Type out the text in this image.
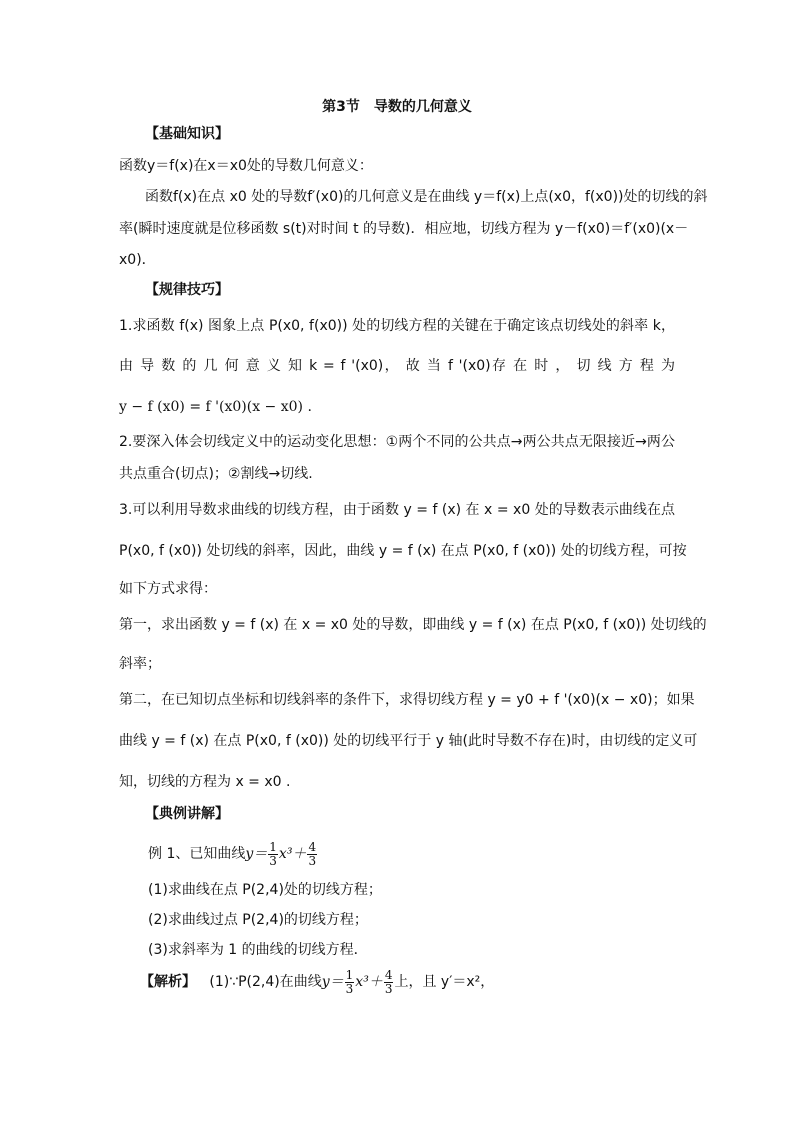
第3节　导数的几何意义
【基础知识】
函数y＝f(x)在x＝x0处的导数几何意义：
函数f(x)在点 x0 处的导数f′(x0)的几何意义是在曲线 y＝f(x)上点(x0，f(x0))处的切线的斜
率(瞬时速度就是位移函数 s(t)对时间 t 的导数)．相应地，切线方程为 y－f(x0)＝f′(x0)(x－
x0)．
【规律技巧】
1.求函数 f(x) 图象上点 P(x0, f(x0)) 处的切线方程的关键在于确定该点切线处的斜率 k，
由 导 数 的 几 何 意 义 知 k = f '(x0)， 故 当 f '(x0)存 在 时 ， 切 线 方 程 为
y − f (x0) = f '(x0)(x − x0) .
2.要深入体会切线定义中的运动变化思想：①两个不同的公共点→两公共点无限接近→两公
共点重合(切点)；②割线→切线.
3.可以利用导数求曲线的切线方程，由于函数 y = f (x) 在 x = x0 处的导数表示曲线在点
P(x0, f (x0)) 处切线的斜率，因此，曲线 y = f (x) 在点 P(x0, f (x0)) 处的切线方程，可按
如下方式求得：
第一，求出函数 y = f (x) 在 x = x0 处的导数，即曲线 y = f (x) 在点 P(x0, f (x0)) 处切线的
斜率；
第二，在已知切点坐标和切线斜率的条件下，求得切线方程 y = y0 + f '(x0)(x − x0)；如果
曲线 y = f (x) 在点 P(x0, f (x0)) 处的切线平行于 y 轴(此时导数不存在)时，由切线的定义可
知，切线的方程为 x = x0 .
【典例讲解】
例 1、已知曲线$y= \frac{1}{3} x^3+ \frac{4}{3}$
(1)求曲线在点 P(2,4)处的切线方程；
(2)求曲线过点 P(2,4)的切线方程；
(3)求斜率为 1 的曲线的切线方程．
【解析】 (1)∵P(2,4)在曲线$y= \frac{1}{3} x^3+ \frac{4}{3}$ 上，且 y′＝x²，
